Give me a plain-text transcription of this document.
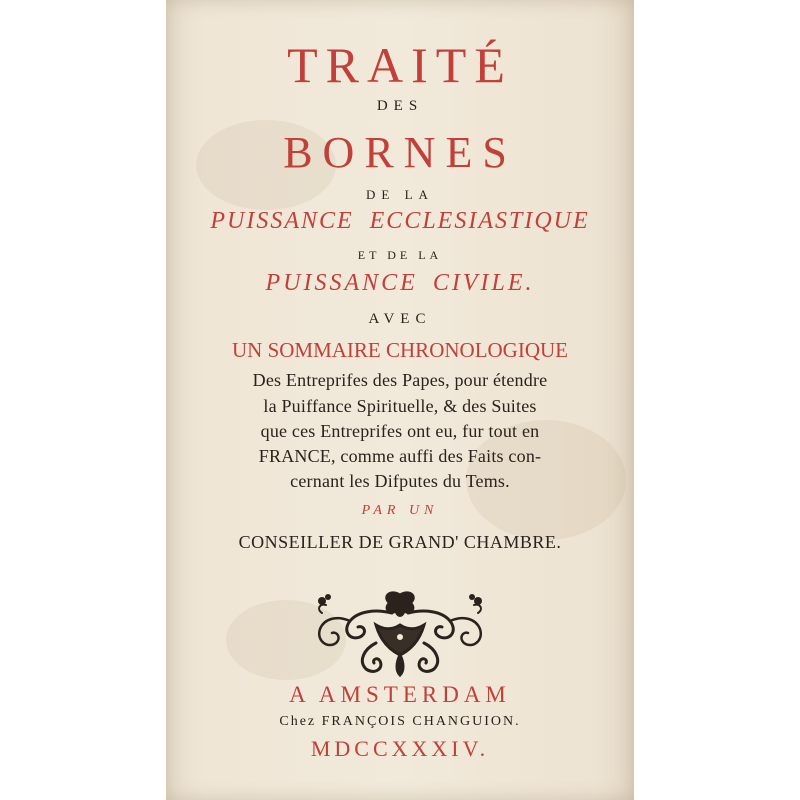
TRAITÉ
DES
BORNES
DE LA
PUISSANCE ECCLESIASTIQUE
ET DE LA
PUISSANCE CIVILE.
AVEC
UN SOMMAIRE CHRONOLOGIQUE
Des Entreprifes des Papes, pour étendre
la Puiffance Spirituelle, & des Suites
que ces Entreprifes ont eu, fur tout en
FRANCE, comme auffi des Faits con-
cernant les Difputes du Tems.
PAR UN
CONSEILLER DE GRAND' CHAMBRE.
A AMSTERDAM
Chez FRANÇOIS CHANGUION.
MDCCXXXIV.
